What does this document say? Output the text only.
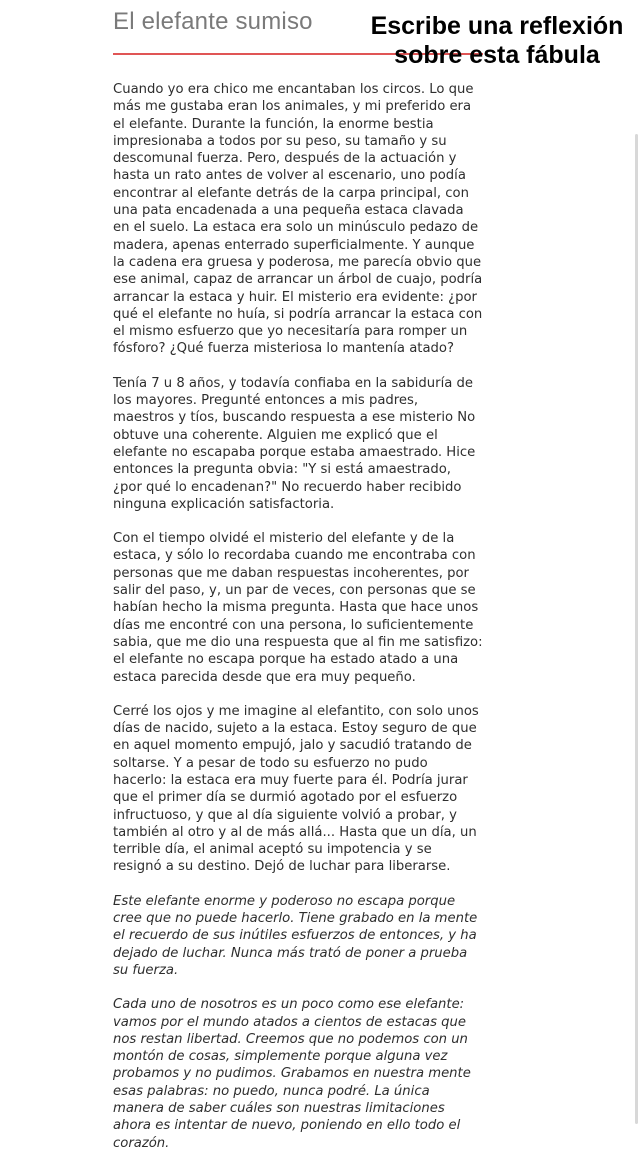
El elefante sumiso	Escribe una reflexión
sobre esta fábula

Cuando yo era chico me encantaban los circos. Lo que más me gustaba eran los animales, y mi preferido era el elefante. Durante la función, la enorme bestia impresionaba a todos por su peso, su tamaño y su descomunal fuerza. Pero, después de la actuación y hasta un rato antes de volver al escenario, uno podía encontrar al elefante detrás de la carpa principal, con una pata encadenada a una pequeña estaca clavada en el suelo. La estaca era solo un minúsculo pedazo de madera, apenas enterrado superficialmente. Y aunque la cadena era gruesa y poderosa, me parecía obvio que ese animal, capaz de arrancar un árbol de cuajo, podría arrancar la estaca y huir. El misterio era evidente: ¿por qué el elefante no huía, si podría arrancar la estaca con el mismo esfuerzo que yo necesitaría para romper un fósforo? ¿Qué fuerza misteriosa lo mantenía atado?

Tenía 7 u 8 años, y todavía confiaba en la sabiduría de los mayores. Pregunté entonces a mis padres, maestros y tíos, buscando respuesta a ese misterio No obtuve una coherente. Alguien me explicó que el elefante no escapaba porque estaba amaestrado. Hice entonces la pregunta obvia: "Y si está amaestrado, ¿por qué lo encadenan?" No recuerdo haber recibido ninguna explicación satisfactoria.

Con el tiempo olvidé el misterio del elefante y de la estaca, y sólo lo recordaba cuando me encontraba con personas que me daban respuestas incoherentes, por salir del paso, y, un par de veces, con personas que se habían hecho la misma pregunta. Hasta que hace unos días me encontré con una persona, lo suficientemente sabia, que me dio una respuesta que al fin me satisfizo: el elefante no escapa porque ha estado atado a una estaca parecida desde que era muy pequeño.

Cerré los ojos y me imagine al elefantito, con solo unos días de nacido, sujeto a la estaca. Estoy seguro de que en aquel momento empujó, jalo y sacudió tratando de soltarse. Y a pesar de todo su esfuerzo no pudo hacerlo: la estaca era muy fuerte para él. Podría jurar que el primer día se durmió agotado por el esfuerzo infructuoso, y que al día siguiente volvió a probar, y también al otro y al de más allá... Hasta que un día, un terrible día, el animal aceptó su impotencia y se resignó a su destino. Dejó de luchar para liberarse.

Este elefante enorme y poderoso no escapa porque cree que no puede hacerlo. Tiene grabado en la mente el recuerdo de sus inútiles esfuerzos de entonces, y ha dejado de luchar. Nunca más trató de poner a prueba su fuerza.

Cada uno de nosotros es un poco como ese elefante: vamos por el mundo atados a cientos de estacas que nos restan libertad. Creemos que no podemos con un montón de cosas, simplemente porque alguna vez probamos y no pudimos. Grabamos en nuestra mente esas palabras: no puedo, nunca podré. La única manera de saber cuáles son nuestras limitaciones ahora es intentar de nuevo, poniendo en ello todo el corazón.
